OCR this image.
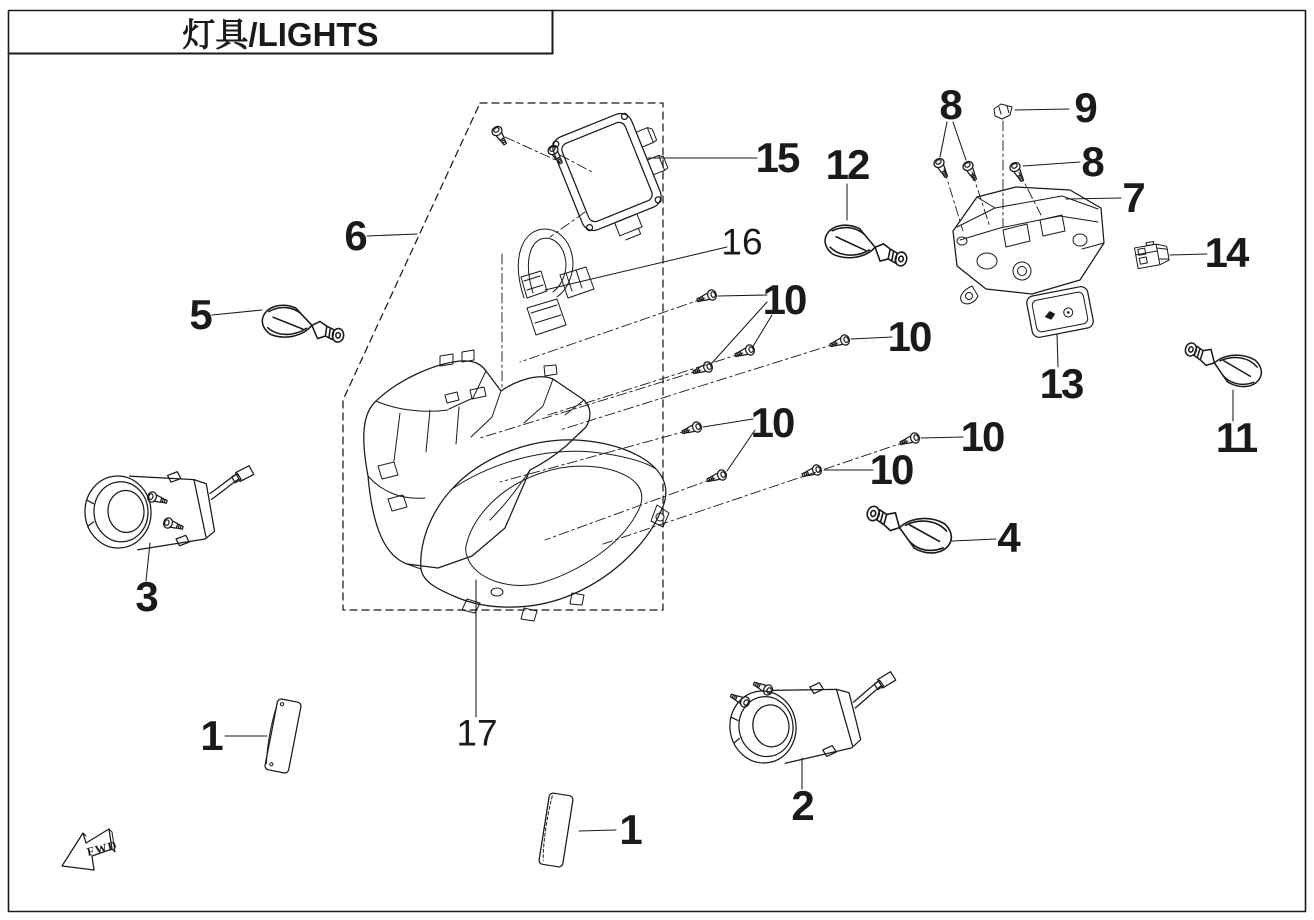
FWD
灯具/LIGHTS
6
5
3
1	17
1
2
4
15
16
12
8	9
8
7
14
13
11
10
10
10	10
10
